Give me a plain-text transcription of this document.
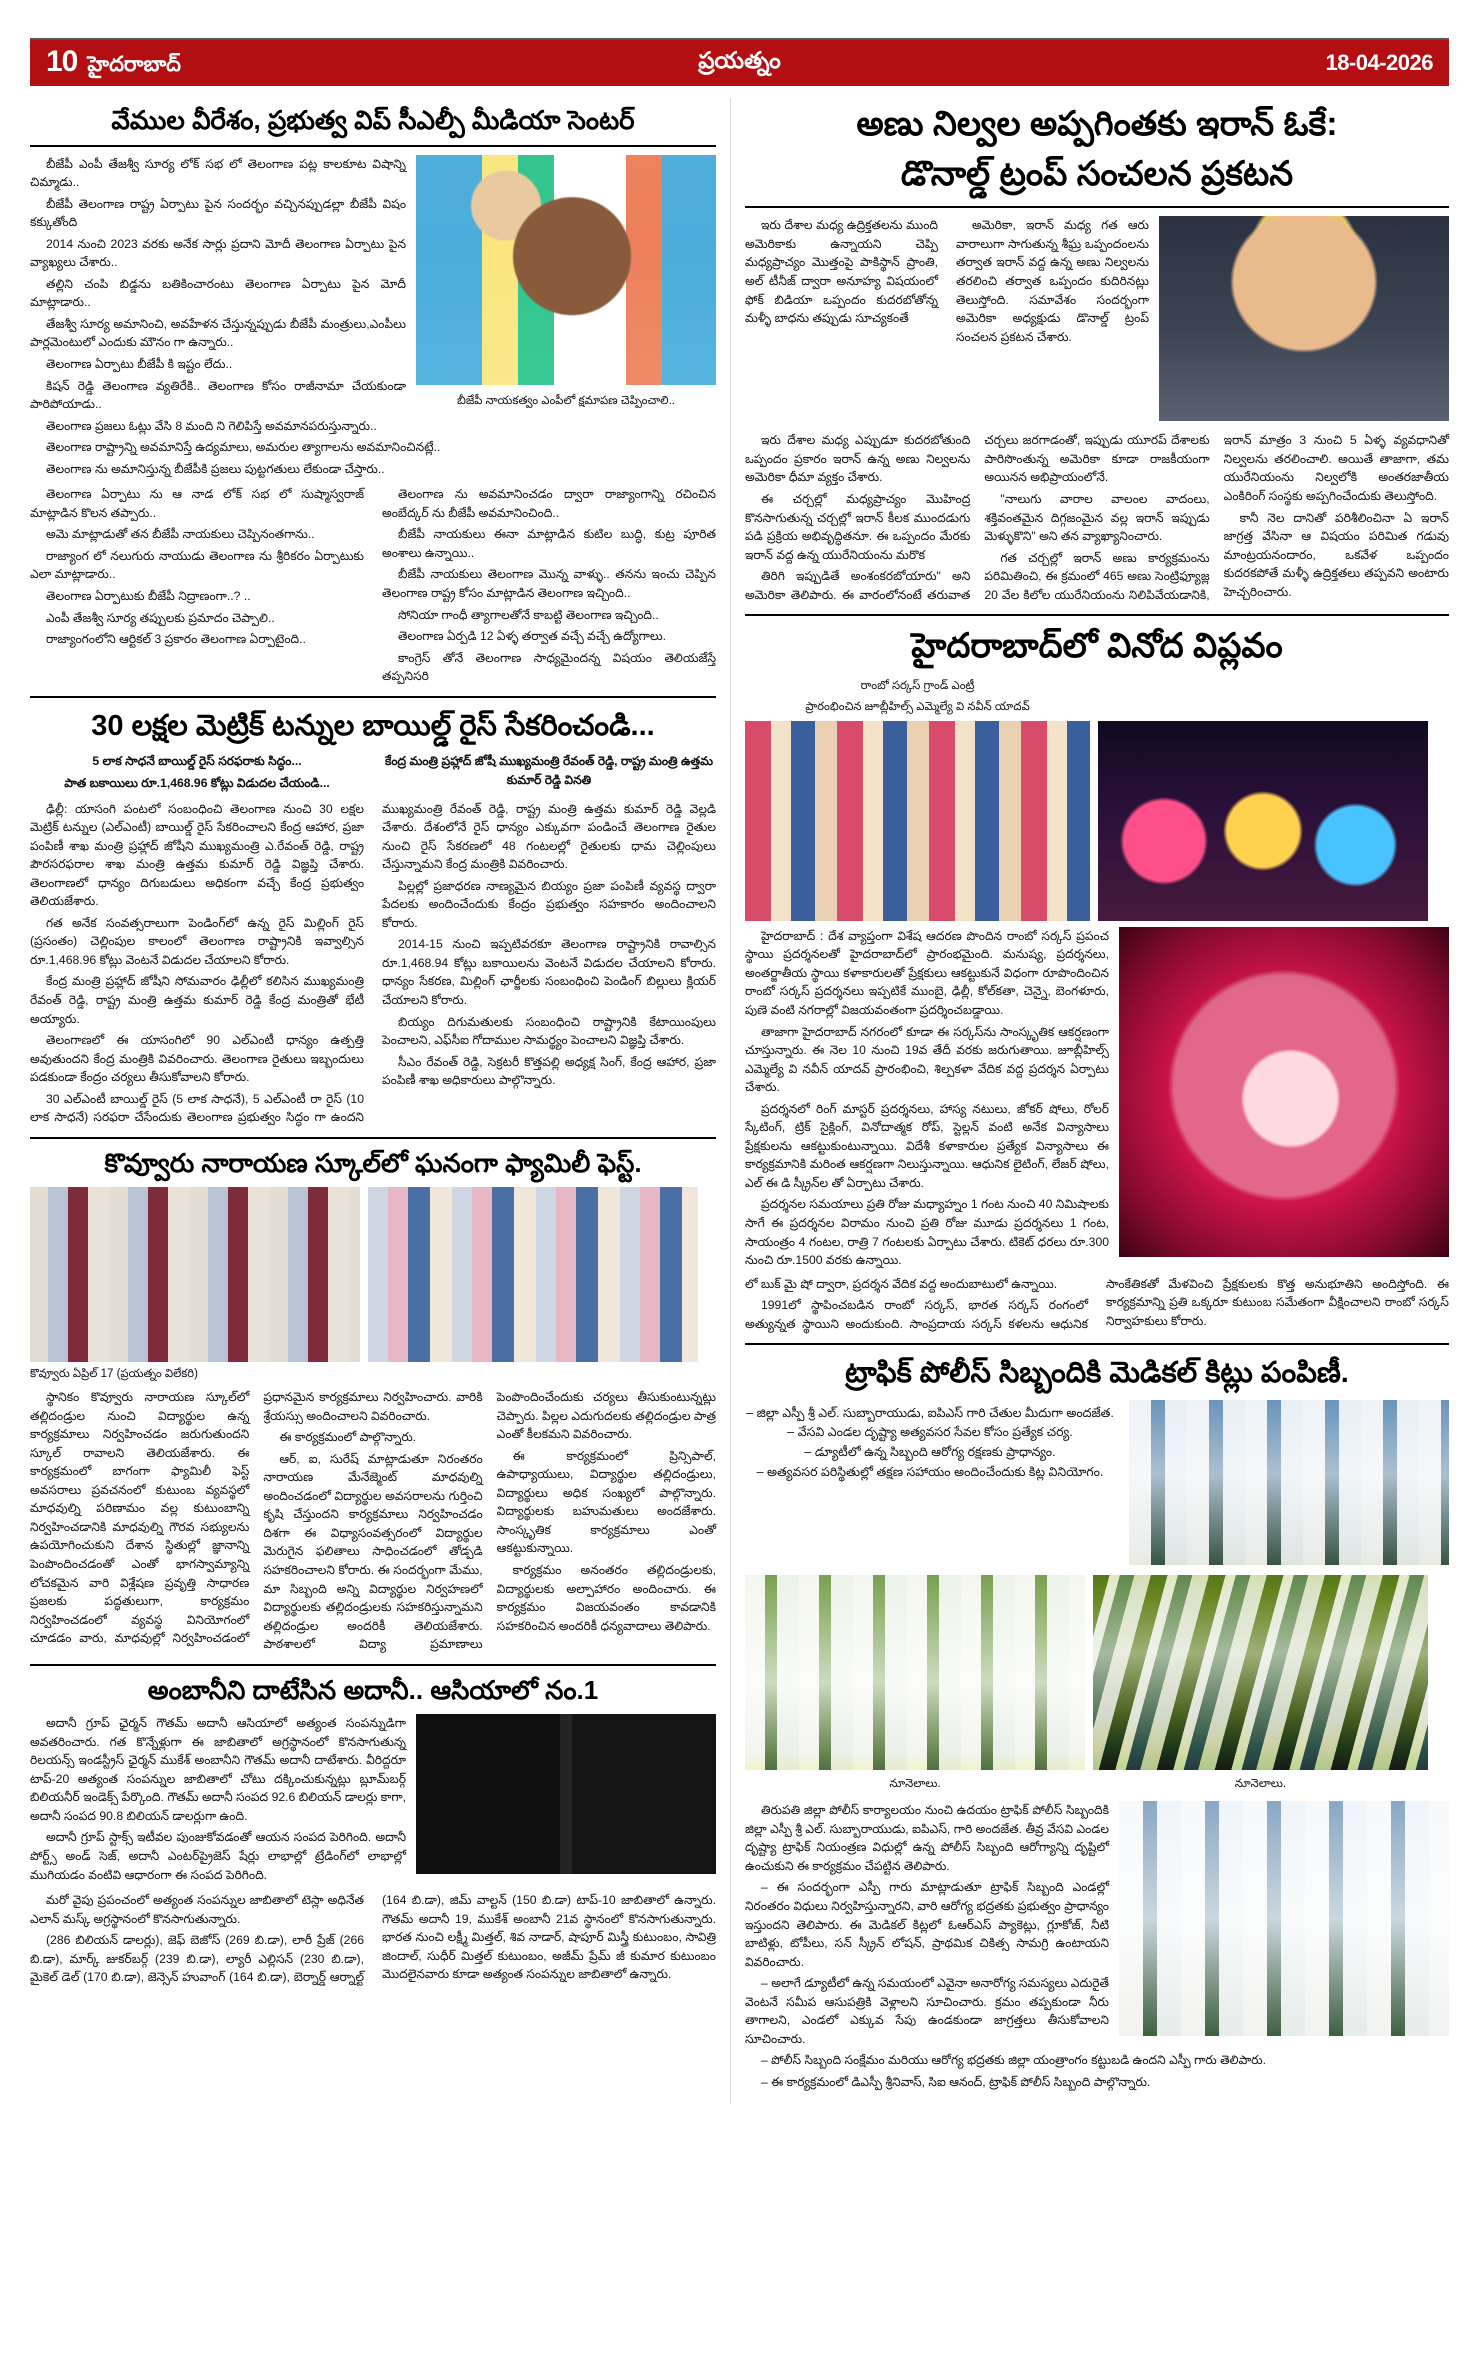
10 హైదరాబాద్	ప్రయత్నం	18-04-2026
వేముల వీరేశం, ప్రభుత్వ విప్ సీఎల్పీ మీడియా సెంటర్

బీజేపీ నాయకత్వం ఎంపీలో క్షమాపణ చెప్పించాలి..

బీజేపీ ఎంపీ తేజశ్వీ సూర్య లోక్ సభ లో తెలంగాణ పట్ల కాలకూట విషాన్ని చిమ్మాడు..

బీజేపీ తెలంగాణ రాష్ట్ర ఏర్పాటు పైన సందర్భం వచ్చినప్పుడల్లా బీజేపీ విషం కక్కుతోంది

2014 నుంచి 2023 వరకు అనేక సార్లు ప్రదాని మోదీ తెలంగాణ ఏర్పాటు పైన వ్యాఖ్యలు చేశారు..

తల్లిని చంపి బిడ్డను బతికించారంటు తెలంగాణ ఏర్పాటు పైన మోదీ మాట్లాడారు..

తేజశ్వీ సూర్య అమానించి, అవహేళన చేస్తున్నప్పుడు బీజేపీ మంత్రులు,ఎంపీలు పార్లమెంటులో ఎందుకు మౌనం గా ఉన్నారు..

తెలంగాణ ఏర్పాటు బీజేపీ కి ఇష్టం లేదు..

కిషన్ రెడ్డి తెలంగాణ వ్యతిరేకి.. తెలంగాణ కోసం రాజీనామా చేయకుండా పారిపోయాడు..

తెలంగాణ ప్రజలు ఓట్లు వేసి 8 మంది ని గెలిపిస్తే అవమానపరుస్తున్నారు..

తెలంగాణ రాష్ట్రాన్ని అవమానిస్తే ఉద్యమాలు, అమరుల త్యాగాలను అవమానించినట్లే..

తెలంగాణ ను అమానిస్తున్న బీజేపీకి ప్రజలు పుట్టగతులు లేకుండా చేస్తారు..

తెలంగాణ ఏర్పాటు ను ఆ నాడ లోక్ సభ లో సుష్మాస్వరాజ్ మాట్లాడిన కొలన తప్పారు..

అమె మాట్లాడుతో తన బీజేపీ నాయకులు చెప్పినంతగాను..

రాజ్యాంగ లో నలుగురు నాయుడు తెలంగాణ ను శ్రీరికరం ఏర్పాటుకు ఎలా మాట్లాడారు..

తెలంగాణ ఏర్పాటుకు బీజేపీ నిద్రాణంగా..? ..

ఎంపీ తేజశ్వీ సూర్య తప్పులకు ప్రమాదం చెప్పాలి..

రాజ్యాంగంలోని ఆర్టికల్ 3 ప్రకారం తెలంగాణ ఏర్పాటైంది..

తెలంగాణ ను అవమానించడం ద్వారా రాజ్యాంగాన్ని రచించిన అంబేద్కర్ ను బీజేపీ అవమానించింది..

బీజేపీ నాయకులు ఈనా మాట్లాడిన కుటిల బుద్ధి, కుట్ర పూరిత అంశాలు ఉన్నాయి..

బీజేపీ నాయకులు తెలంగాణ మొన్న వాళ్ళు.. తనను ఇంచు చెప్పిన తెలంగాణ రాష్ట్ర కోసం మాట్లాడిన తెలంగాణ ఇచ్చింది..

సోనియా గాంధీ త్యాగాలతోనే కాబట్టి తెలంగాణ ఇచ్చింది..

తెలంగాణ ఏర్పడి 12 ఏళ్ళ తర్వాత వచ్చే వచ్చే ఉద్యోగాలు.

కాంగ్రెస్ తోనే తెలంగాణ సాధ్యమైందన్న విషయం తెలియజేస్తే తప్పనిసరి

30 లక్షల మెట్రిక్ టన్నుల బాయిల్డ్ రైస్ సేకరించండి...

5 లాక సాధనే బాయిల్డ్ రైస్ సరఫరాకు సిద్ధం...

పాత బకాయిలు రూ.1,468.96 కోట్లు విడుదల చేయండి...

కేంద్ర మంత్రి ప్రహ్లాద్ జోషీ ముఖ్యమంత్రి రేవంత్ రెడ్డి, రాష్ట్ర మంత్రి ఉత్తమ కుమార్ రెడ్డి వినతి

ఢిల్లీ: యాసంగి పంటలో సంబంధించి తెలంగాణ నుంచి 30 లక్షల మెట్రిక్ టన్నుల (ఎల్ఎంటీ) బాయిల్డ్ రైస్ సేకరించాలని కేంద్ర ఆహార, ప్రజా పంపిణీ శాఖ మంత్రి ప్రహ్లాద్ జోషీని ముఖ్యమంత్రి ఎ.రేవంత్ రెడ్డి, రాష్ట్ర పౌరసరఫరాల శాఖ మంత్రి ఉత్తమ కుమార్ రెడ్డి విజ్ఞప్తి చేశారు. తెలంగాణలో ధాన్యం దిగుబడులు అధికంగా వచ్చే కేంద్ర ప్రభుత్వం తెలియజేశారు.

గత అనేక సంవత్సరాలుగా పెండింగ్‌లో ఉన్న రైస్ మిల్లింగ్ రైస్ (ప్రసంతం) చెల్లింపుల కాలంలో తెలంగాణ రాష్ట్రానికి ఇవ్వాల్సిన రూ.1,468.96 కోట్లు వెంటనే విడుదల చేయాలని కోరారు.

కేంద్ర మంత్రి ప్రహ్లాద్ జోషీని సోమవారం ఢిల్లీలో కలిసిన ముఖ్యమంత్రి రేవంత్ రెడ్డి, రాష్ట్ర మంత్రి ఉత్తమ కుమార్ రెడ్డి కేంద్ర మంత్రితో భేటీ అయ్యారు.

తెలంగాణలో ఈ యాసంగిలో 90 ఎల్ఎంటీ ధాన్యం ఉత్పత్తి అవుతుందని కేంద్ర మంత్రికి వివరించారు. తెలంగాణ రైతులు ఇబ్బందులు పడకుండా కేంద్రం చర్యలు తీసుకోవాలని కోరారు.

30 ఎల్ఎంటీ బాయిల్డ్ రైస్ (5 లాక సాధనే), 5 ఎల్ఎంటీ రా రైస్ (10 లాక సాధనే) సరఫరా చేసేందుకు తెలంగాణ ప్రభుత్వం సిద్ధం గా ఉందని ముఖ్యమంత్రి రేవంత్ రెడ్డి, రాష్ట్ర మంత్రి ఉత్తమ కుమార్ రెడ్డి వెల్లడి చేశారు. దేశంలోనే రైస్ ధాన్యం ఎక్కువగా పండించే తెలంగాణ రైతుల నుంచి రైస్ సేకరణలో 48 గంటలల్లో రైతులకు ధామ చెల్లింపులు చేస్తున్నామని కేంద్ర మంత్రికి వివరించారు.

పిల్లల్లో ప్రజాధరణ నాణ్యమైన బియ్యం ప్రజా పంపిణీ వ్యవస్థ ద్వారా పేదలకు అందించేందుకు కేంద్రం ప్రభుత్వం సహకారం అందించాలని కోరారు.

2014-15 నుంచి ఇప్పటివరకూ తెలంగాణ రాష్ట్రానికి రావాల్సిన రూ.1,468.94 కోట్లు బకాయిలను వెంటనే విడుదల చేయాలని కోరారు. ధాన్యం సేకరణ, మిల్లింగ్ ఛార్జీలకు సంబంధించి పెండింగ్ బిల్లులు క్లియర్ చేయాలని కోరారు.

బియ్యం దిగుమతులకు సంబంధించి రాష్ట్రానికి కేటాయింపులు పెంచాలని, ఎఫ్‌సీఐ గోదాముల సామర్థ్యం పెంచాలని విజ్ఞప్తి చేశారు.

సీఎం రేవంత్ రెడ్డి, సెక్రటరీ కొత్తపల్లి అధ్యక్ష సింగ్, కేంద్ర ఆహార, ప్రజా పంపిణీ శాఖ అధికారులు పాల్గొన్నారు.

కొవ్వూరు నారాయణ స్కూల్‌లో ఘనంగా ఫ్యామిలీ ఫెస్ట్.

కొవ్వూరు ఏప్రిల్ 17 (ప్రయత్నం విలేకరి)

స్థానికం కొవ్వూరు నారాయణ స్కూల్‌లో తల్లిదండ్రుల నుంచి విద్యార్థుల ఉన్న కార్యక్రమాలు నిర్వహించడం జరుగుతుందని స్కూల్ రావాలని తెలియజేశారు. ఈ కార్యక్రమంలో బాగంగా ఫ్యామిలీ ఫెస్ట్ అవసరాలు ప్రవచనంలో కుటుంబ వ్యవస్థలో మాధవుల్ని పరిణామం వల్ల కుటుంబాన్ని నిర్వహించడానికి మాధవుల్ని గౌరవ సభ్యులను ఉపయోగించుకుని దేశాన స్థితుల్లో జ్ఞానాన్ని పెంపొందించడంతో ఎంతో భాగస్వామ్యాన్ని లోచకమైన వారి విశ్లేషణ ప్రవృత్తి సాధారణ ప్రజలకు పద్ధతులుగా, కార్యక్రమం నిర్వహించడంలో వ్యవస్థ వినియోగంలో చూడడం వారు, మాధవుల్లో నిర్వహించడంలో ప్రధానమైన కార్యక్రమాలు నిర్వహించారు. వారికి శ్రేయస్సు అందించాలని వివరించారు.

ఈ కార్యక్రమంలో పాల్గొన్నారు.

ఆర్, ఐ, సురేష్ మాట్లాడుతూ నిరంతరం నారాయణ మేనేజ్మెంట్ మాధవుల్ని అందించడంలో విద్యార్థుల అవసరాలను గుర్తించి కృషి చేస్తుందని కార్యక్రమాలు నిర్వహించడం దిశగా ఈ విధ్యాసంవత్సరంలో విద్యార్థుల మెరుగైన ఫలితాలు సాధించడంలో తోడ్పడి సహకరించాలని కోరారు. ఈ సందర్భంగా మేము, మా సిబ్బంది అన్ని విద్యార్థుల నిర్వహణలో విద్యార్థులకు తల్లిదండ్రులకు సహకరిస్తున్నామని తల్లిదండ్రుల అందరికీ తెలియజేశారు. పాఠశాలలో విద్యా ప్రమాణాలు పెంపొందించేందుకు చర్యలు తీసుకుంటున్నట్లు చెప్పారు. పిల్లల ఎదుగుదలకు తల్లిదండ్రుల పాత్ర ఎంతో కీలకమని వివరించారు.

ఈ కార్యక్రమంలో ప్రిన్సిపాల్, ఉపాధ్యాయులు, విద్యార్థుల తల్లిదండ్రులు, విద్యార్థులు అధిక సంఖ్యలో పాల్గొన్నారు. విద్యార్థులకు బహుమతులు అందజేశారు. సాంస్కృతిక కార్యక్రమాలు ఎంతో ఆకట్టుకున్నాయి.

కార్యక్రమం అనంతరం తల్లిదండ్రులకు, విద్యార్థులకు అల్పాహారం అందించారు. ఈ కార్యక్రమం విజయవంతం కావడానికి సహకరించిన అందరికీ ధన్యవాదాలు తెలిపారు.

అంబానీని దాటేసిన అదానీ.. ఆసియాలో నం.1

అదానీ గ్రూప్ ఛైర్మన్ గౌతమ్ అదానీ ఆసియాలో అత్యంత సంపన్నుడిగా అవతరించారు. గత కొన్నేళ్లుగా ఈ జాబితాలో అగ్రస్థానంలో కొనసాగుతున్న రిలయన్స్ ఇండస్ట్రీస్ ఛైర్మన్ ముకేశ్ అంబానీని గౌతమ్ అదానీ దాటేశారు. వీరిద్దరూ టాప్-20 అత్యంత సంపన్నుల జాబితాలో చోటు దక్కించుకున్నట్లు బ్లూమ్‌బర్గ్ బిలియనీర్ ఇండెక్స్ పేర్కొంది. గౌతమ్ అదానీ సంపద 92.6 బిలియన్ డాలర్లు కాగా, అదానీ సంపద 90.8 బిలియన్ డాలర్లుగా ఉంది.

అదానీ గ్రూప్ స్టాక్స్ ఇటీవల పుంజుకోవడంతో ఆయన సంపద పెరిగింది. అదానీ పోర్ట్స్ అండ్ సెజ్, అదానీ ఎంటర్‌ప్రైజెస్ షేర్లు లాభాల్లో ట్రేడింగ్‌లో లాభాల్లో ముగియడం వంటివి ఆధారంగా ఈ సంపద పెరిగింది.

మరో వైపు ప్రపంచంలో అత్యంత సంపన్నుల జాబితాలో టెస్లా అధినేత ఎలాన్ మస్క్ అగ్రస్థానంలో కొనసాగుతున్నారు.

(286 బిలియన్ డాలర్లు), జెఫ్ బెజోస్ (269 బి.డా), లారీ ప్రేజ్ (266 బి.డా), మార్క్ జుకర్‌బర్గ్ (239 బి.డా), ల్యారీ ఎల్లిసన్ (230 బి.డా), మైకెల్ డెల్ (170 బి.డా), జెన్సెన్ హువాంగ్ (164 బి.డా), బెర్నార్డ్ ఆర్నాల్ట్ (164 బి.డా), జిమ్ వాల్టన్ (150 బి.డా) టాప్-10 జాబితాలో ఉన్నారు. గౌతమ్ అదానీ 19, ముకేశ్ అంబానీ 21వ స్థానంలో కొనసాగుతున్నారు. భారత నుంచి లక్ష్మీ మిత్తల్, శివ నాడార్, షాపూర్ మిస్త్రీ కుటుంబం, సావిత్రి జిందాల్, సుధీర్ మిత్తల్ కుటుంబం, అజీమ్ ప్రేమ్ జీ కుమార కుటుంబం మొదలైనవారు కూడా అత్యంత సంపన్నుల జాబితాలో ఉన్నారు.

అణు నిల్వల అప్పగింతకు ఇరాన్ ఓకే:
డొనాల్డ్ ట్రంప్ సంచలన ప్రకటన

ఇరు దేశాల మధ్య ఉద్రిక్తతలను ముంది అమెరికాకు ఉన్నాయని చెప్పి మధ్యప్రాచ్యం మొత్తంపై పాకిస్థాన్ ప్రాంతి, అల్ టీనీజ్ ద్వారా అనూహ్య విషయంలో ఫోక్ బిడియా ఒప్పందం కుదరబోతోన్న మళ్ళీ బాధను తప్పుడు సూచ్యకంతే

అమెరికా, ఇరాన్ మధ్య గత ఆరు వారాలుగా సాగుతున్న శీఘ్ర ఒప్పందంలను తర్వాత ఇరాన్ వద్ద ఉన్న అణు నిల్వలను తరలించి తర్వాత ఒప్పందం కుదిరినట్లు తెలుస్తోంది. సమావేశం సందర్భంగా అమెరికా అధ్యక్షుడు డొనాల్డ్ ట్రంప్ సంచలన ప్రకటన చేశారు.

ఇరు దేశాల మధ్య ఎప్పుడూ కుదరబోతుంది ఒప్పందం ప్రకారం ఇరాన్ ఉన్న అణు నిల్వలను అమెరికా ధీమా వ్యక్తం చేశారు.

ఈ చర్చల్లో మధ్యప్రాచ్యం మొహింద్ర కొనసాగుతున్న చర్చల్లో ఇరాన్ కీలక ముందడుగు పడి ప్రక్రియ అభివృద్ధితనూ. ఈ ఒప్పందం మేరకు ఇరాన్ వద్ద ఉన్న యురేనియంను మరొక

తిరిగి ఇప్పుడితే అంశంకరబోయారు" అని అమెరికా తెలిపారు. ఈ వారంలోనంటే తరువాత చర్చలు జరగాడంతో, ఇప్పుడు యూరప్ దేశాలకు పారిసొంతున్న అమెరికా కూడా రాజకీయంగా అయినన అభిప్రాయంలోనే.

"నాలుగు వారాల వాలంల వాదంలు, శక్తివంతమైన దిగ్గజంమైన వల్ల ఇరాన్ ఇప్పుడు మెళ్ళుకొని" అని తన వ్యాఖ్యానించారు.

గత చర్చల్లో ఇరాన్ అణు కార్యక్రమంను పరిమితించి, ఈ క్రమంలో 465 అణు సెంట్రిఫ్యూజ్ల 20 వేల కిలోల యురేనియంను నిలిపివేయడానికి, ఇరాన్ మాత్రం 3 నుంచి 5 ఏళ్ళ వ్యవధానితో నిల్వలను తరలించాలి. అయితే తాజాగా, తమ యురేనియంను నిల్వలోకి అంతరజాతీయ ఎంకిరింగ్ సంస్థకు అప్పగించేందుకు తెలుస్తోంది.

కానీ నెల దానితో పరిశీలించినా ఏ ఇరాన్ జాగ్రత్త వేసినా ఆ విషయం పరిమిత గడువు మాంట్రయనందారం, ఒకవేళ ఒప్పందం కుదరకపోతే మళ్ళీ ఉద్రిక్తతలు తప్పవని అంటారు హెచ్చరించారు.

హైదరాబాద్‌లో వినోద విప్లవం

రాంబో సర్కస్ గ్రాండ్ ఎంట్రీ

ప్రారంభించిన జూబ్లీహిల్స్ ఎమ్మెల్యే వి నవీన్ యాదవ్

హైదరాబాద్ : దేశ వ్యాప్తంగా విశేష ఆదరణ పొందిన రాంబో సర్కస్ ప్రపంచ స్థాయి ప్రదర్శనలతో హైదరాబాద్‌లో ప్రారంభమైంది. మనుష్య, ప్రదర్శనలు, అంతర్జాతీయ స్థాయి కళాకారులతో ప్రేక్షకులు ఆకట్టుకునే విధంగా రూపొందించిన రాంబో సర్కస్ ప్రదర్శనలు ఇప్పటికే ముంబై, ఢిల్లీ, కోల్‌కతా, చెన్నై, బెంగళూరు, పుణె వంటి నగరాల్లో విజయవంతంగా ప్రదర్శించబడ్డాయి.

తాజాగా హైదరాబాద్ నగరంలో కూడా ఈ సర్కస్‌ను సాంస్కృతిక ఆకర్షణంగా చూస్తున్నారు. ఈ నెల 10 నుంచి 19వ తేదీ వరకు జరుగుతాయి. జూబ్లీహిల్స్ ఎమ్మెల్యే వి నవీన్ యాదవ్ ప్రారంభించి, శిల్పకళా వేదిక వద్ద ప్రదర్శన ఏర్పాటు చేశారు.

ప్రదర్శనలో రింగ్ మాస్టర్ ప్రదర్శనలు, హాస్య నటులు, జోకర్ షోలు, రోలర్ స్కేటింగ్, ట్రిక్ సైక్లింగ్, వినోదాత్మక రోప్, స్టెల్లన్ వంటి అనేక విన్యాసాలు ప్రేక్షకులను ఆకట్టుకుంటున్నాయి. విదేశీ కళాకారుల ప్రత్యేక విన్యాసాలు ఈ కార్యక్రమానికి మరింత ఆకర్షణగా నిలుస్తున్నాయి. ఆధునిక లైటింగ్, లేజర్ షోలు, ఎల్ ఈ డి స్క్రీన్‌ల తో ఏర్పాటు చేశారు.

ప్రదర్శనల సమయాలు ప్రతి రోజు మధ్యాహ్నం 1 గంట నుంచి 40 నిమిషాలకు సాగే ఈ ప్రదర్శనల విరామం నుంచి ప్రతి రోజు మూడు ప్రదర్శనలు 1 గంట, సాయంత్రం 4 గంటల, రాత్రి 7 గంటలకు ఏర్పాటు చేశారు. టికెట్ ధరలు రూ.300 నుంచి రూ.1500 వరకు ఉన్నాయి.

లో బుక్ మై షో ద్వారా, ప్రదర్శన వేదిక వద్ద అందుబాటులో ఉన్నాయి.

1991లో స్థాపించబడిన రాంబో సర్కస్, భారత సర్కస్ రంగంలో అత్యున్నత స్థాయిని అందుకుంది. సాంప్రదాయ సర్కస్ కళలను ఆధునిక సాంకేతికతో మేళవించి ప్రేక్షకులకు కొత్త అనుభూతిని అందిస్తోంది. ఈ కార్యక్రమాన్ని ప్రతి ఒక్కరూ కుటుంబ సమేతంగా వీక్షించాలని రాంబో సర్కస్ నిర్వాహకులు కోరారు.

ట్రాఫిక్ పోలీస్ సిబ్బందికి మెడికల్ కిట్లు పంపిణీ.
– జిల్లా ఎస్పీ శ్రీ ఎల్. సుబ్బారాయుడు, ఐపిఎస్ గారి చేతుల మీదుగా అందజేత.
– వేసవి ఎండల దృష్ట్యా అత్యవసర సేవల కోసం ప్రత్యేక చర్య.
– డ్యూటీలో ఉన్న సిబ్బంది ఆరోగ్య రక్షణకు ప్రాధాన్యం.
– అత్యవసర పరిస్థితుల్లో తక్షణ సహాయం అందించేందుకు కిట్ల వినియోగం.

నూనెలాలు.	నూనెలాలు.

తిరుపతి జిల్లా పోలీస్ కార్యాలయం నుంచి ఉదయం ట్రాఫిక్ పోలీస్ సిబ్బందికి జిల్లా ఎస్పీ శ్రీ ఎల్. సుబ్బారాయుడు, ఐపిఎస్, గారి అందజేత. తీవ్ర వేసవి ఎండల దృష్ట్యా ట్రాఫిక్ నియంత్రణ విధుల్లో ఉన్న పోలీస్ సిబ్బంది ఆరోగ్యాన్ని దృష్టిలో ఉంచుకుని ఈ కార్యక్రమం చేపట్టిన తెలిపారు.

– ఈ సందర్భంగా ఎస్పీ గారు మాట్లాడుతూ ట్రాఫిక్ సిబ్బంది ఎండల్లో నిరంతరం విధులు నిర్వహిస్తున్నారని, వారి ఆరోగ్య భద్రతకు ప్రభుత్వం ప్రాధాన్యం ఇస్తుందని తెలిపారు. ఈ మెడికల్ కిట్లలో ఓఆర్ఎస్ ప్యాకెట్లు, గ్లూకోజ్, నీటి బాటిళ్లు, టోపీలు, సన్ స్క్రీన్ లోషన్, ప్రాథమిక చికిత్స సామగ్రి ఉంటాయని వివరించారు.

– అలాగే డ్యూటీలో ఉన్న సమయంలో ఎవైనా అనారోగ్య సమస్యలు ఎదురైతే వెంటనే సమీప ఆసుపత్రికి వెళ్లాలని సూచించారు. క్రమం తప్పకుండా నీరు తాగాలని, ఎండలో ఎక్కువ సేపు ఉండకుండా జాగ్రత్తలు తీసుకోవాలని సూచించారు.

– పోలీస్ సిబ్బంది సంక్షేమం మరియు ఆరోగ్య భద్రతకు జిల్లా యంత్రాంగం కట్టుబడి ఉందని ఎస్పీ గారు తెలిపారు.

– ఈ కార్యక్రమంలో డిఎస్పీ శ్రీనివాస్, సిఐ ఆనంద్, ట్రాఫిక్ పోలీస్ సిబ్బంది పాల్గొన్నారు.
